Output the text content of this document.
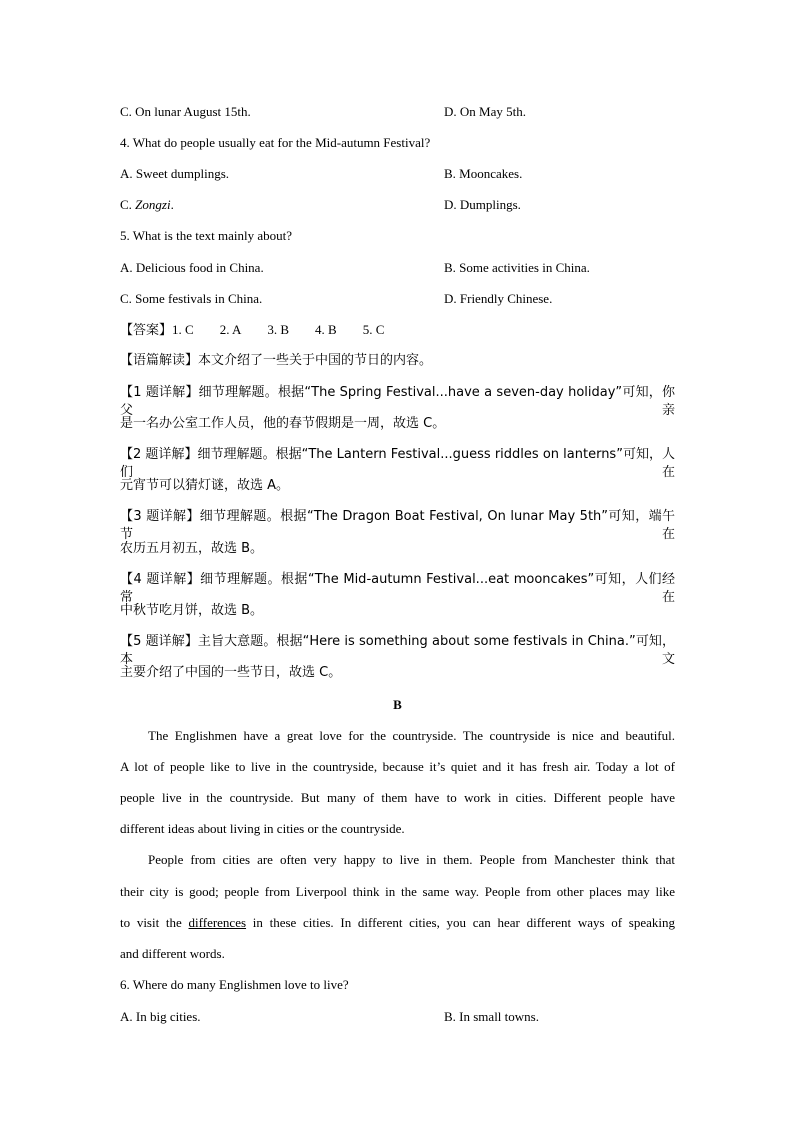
C. On lunar August 15th.	D. On May 5th.
4. What do people usually eat for the Mid-autumn Festival?
A. Sweet dumplings.	B. Mooncakes.
C. Zongzi.	D. Dumplings.
5. What is the text mainly about?
A. Delicious food in China.	B. Some activities in China.
C. Some festivals in China.	D. Friendly Chinese.
【答案】1. C 2. A 3. B 4. B 5. C
【语篇解读】本文介绍了一些关于中国的节日的内容。
【1 题详解】细节理解题。根据“The Spring Festival...have a seven-day holiday”可知，你父亲
是一名办公室工作人员，他的春节假期是一周，故选 C。
【2 题详解】细节理解题。根据“The Lantern Festival...guess riddles on lanterns”可知，人们在
元宵节可以猜灯谜，故选 A。
【3 题详解】细节理解题。根据“The Dragon Boat Festival, On lunar May 5th”可知，端午节在
农历五月初五，故选 B。
【4 题详解】细节理解题。根据“The Mid-autumn Festival...eat mooncakes”可知，人们经常在
中秋节吃月饼，故选 B。
【5 题详解】主旨大意题。根据“Here is something about some festivals in China.”可知，本文
主要介绍了中国的一些节日，故选 C。
B
The Englishmen have a great love for the countryside. The countryside is nice and beautiful.
A lot of people like to live in the countryside, because it’s quiet and it has fresh air. Today a lot of
people live in the countryside. But many of them have to work in cities. Different people have
different ideas about living in cities or the countryside.
People from cities are often very happy to live in them. People from Manchester think that
their city is good; people from Liverpool think in the same way. People from other places may like
to visit the differences in these cities. In different cities, you can hear different ways of speaking
and different words.
6. Where do many Englishmen love to live?
A. In big cities.	B. In small towns.
